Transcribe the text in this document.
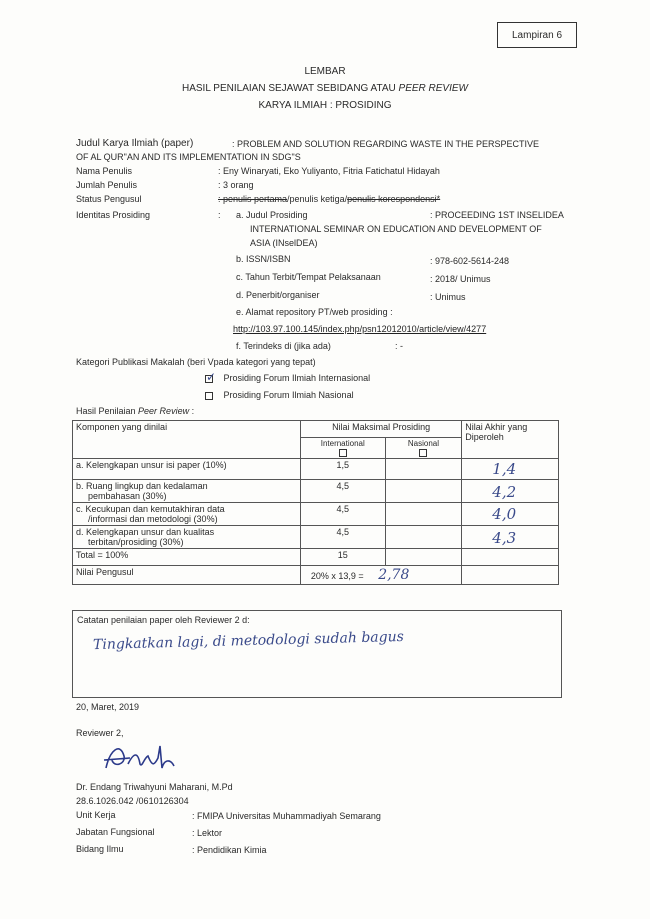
Lampiran 6
LEMBAR
HASIL PENILAIAN SEJAWAT SEBIDANG ATAU PEER REVIEW
KARYA ILMIAH : PROSIDING
Judul Karya Ilmiah (paper)	: PROBLEM AND SOLUTION REGARDING WASTE IN THE PERSPECTIVE
OF AL QUR"AN AND ITS IMPLEMENTATION IN SDG"S
Nama Penulis	: Eny Winaryati, Eko Yuliyanto, Fitria Fatichatul Hidayah
Jumlah Penulis	: 3 orang
Status Pengusul	: penulis pertama/penulis ketiga/penulis korespondensi*
Identitas Prosiding	: a. Judul Prosiding	: PROCEEDING 1ST INSELIDEA
INTERNATIONAL SEMINAR ON EDUCATION AND DEVELOPMENT OF
ASIA (INselDEA)
b. ISSN/ISBN	: 978-602-5614-248
c. Tahun Terbit/Tempat Pelaksanaan	: 2018/ Unimus
d. Penerbit/organiser	: Unimus
e. Alamat repository PT/web prosiding :
http://103.97.100.145/index.php/psn12012010/article/view/4277
f. Terindeks di (jika ada)	: -
Kategori Publikasi Makalah (beri Vpada kategori yang tepat)
✓ Prosiding Forum Ilmiah Internasional
Prosiding Forum Ilmiah Nasional
Hasil Penilaian Peer Review :
Komponen yang dinilai	Nilai Maksimal Prosiding		Nilai Akhir yang
Diperoleh

	International	Nasional	

a. Kelengkapan unsur isi paper (10%)	1,5		1,4

b. Ruang lingkup dan kedalaman
pembahasan (30%)	4,5		4,2

c. Kecukupan dan kemutakhiran data
/informasi dan metodologi (30%)	4,5		4,0

d. Kelengkapan unsur dan kualitas
terbitan/prosiding (30%)	4,5		4,3
Total = 100%	15		
Nilai Pengusul	20% x 13,9 = 2,78		
Catatan penilaian paper oleh Reviewer 2 d:
Tingkatkan lagi, di metodologi sudah bagus
20, Maret, 2019
Reviewer 2,
Dr. Endang Triwahyuni Maharani, M.Pd
28.6.1026.042 /0610126304
Unit Kerja	: FMIPA Universitas Muhammadiyah Semarang
Jabatan Fungsional	: Lektor
Bidang Ilmu	: Pendidikan Kimia
